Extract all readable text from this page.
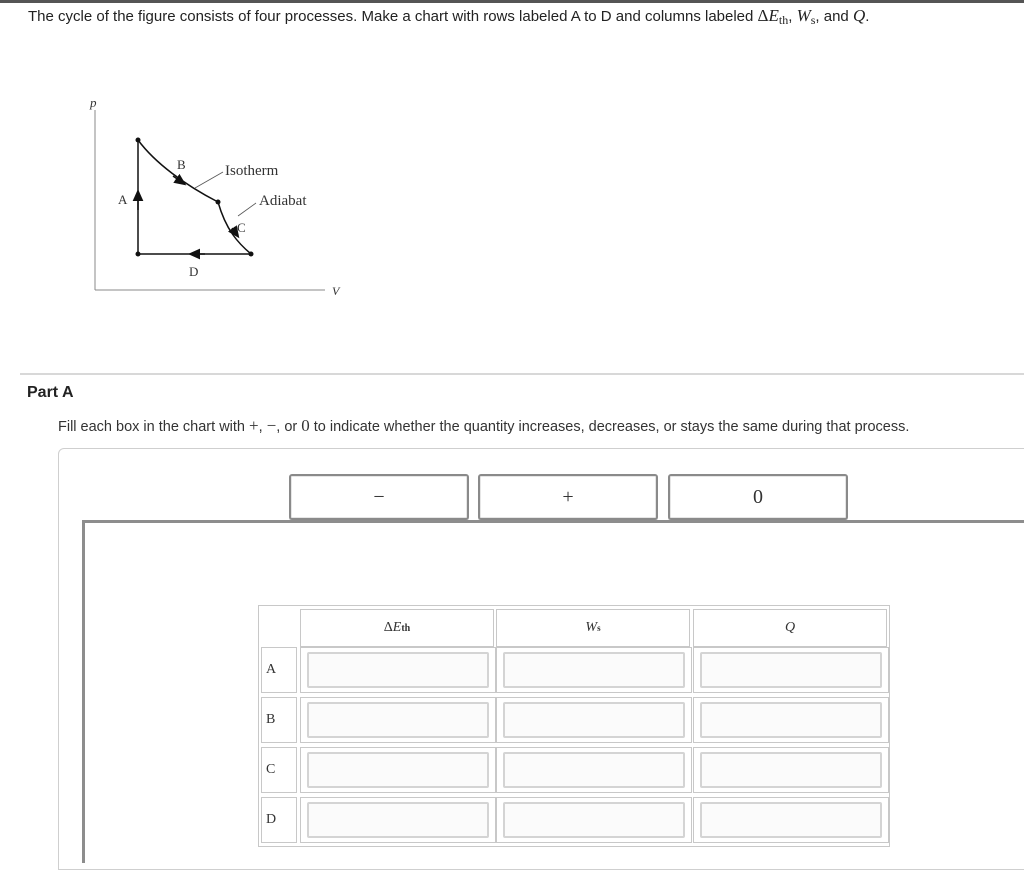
The cycle of the figure consists of four processes. Make a chart with rows labeled A to D and columns labeled $\Delta E_{th}$, $W_s$, and Q.
p
V
A
B
C
D
Isotherm
Adiabat
Part A
Fill each box in the chart with +, −, or 0 to indicate whether the quantity increases, decreases, or stays the same during that process.
−	+	0
Δ E th	W s	Q
A
B
C
D
